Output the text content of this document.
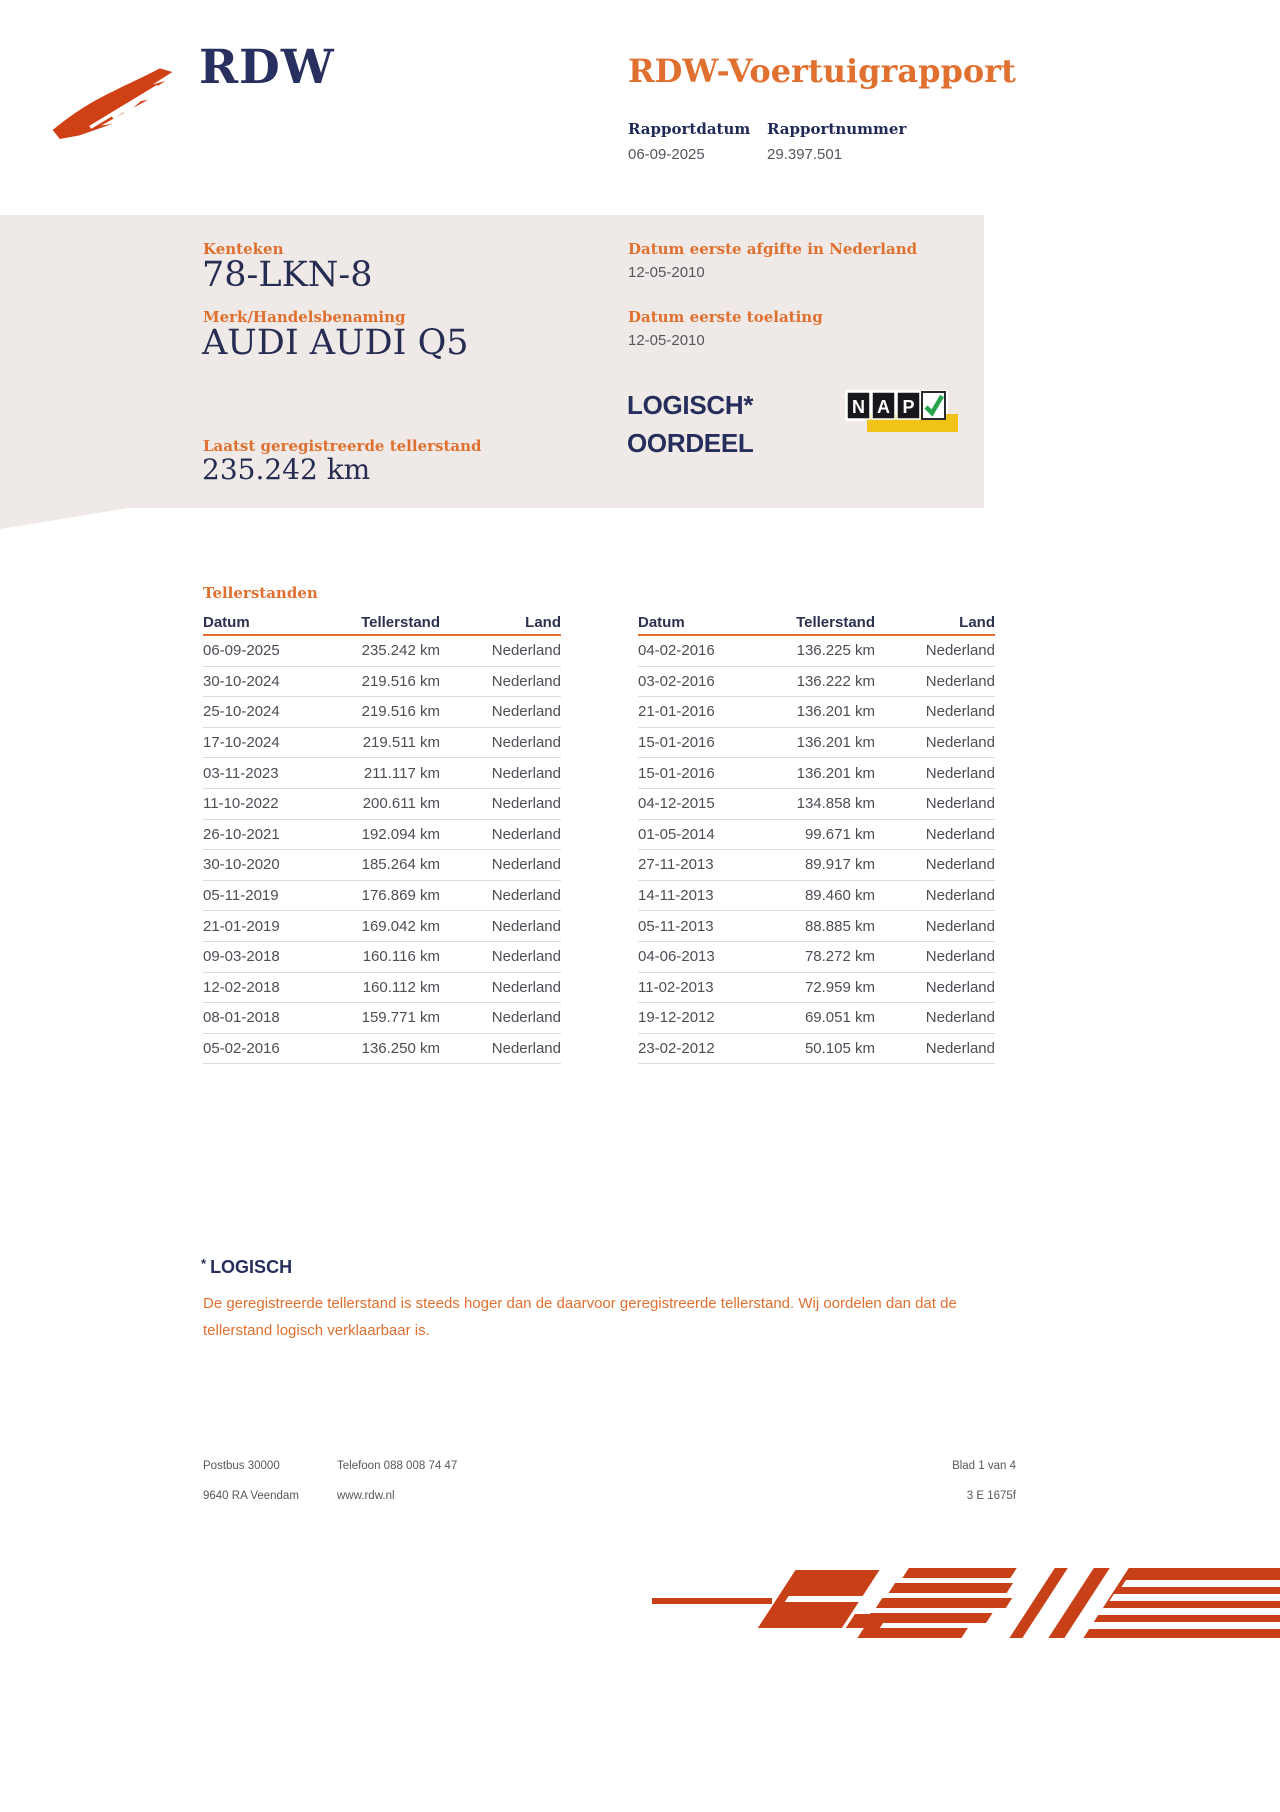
RDW	RDW-Voertuigrapport
Rapportdatum Rapportnummer
06-09-2025	29.397.501
Kenteken
78-LKN-8
Merk/Handelsbenaming
AUDI AUDI Q5
Laatst geregistreerde tellerstand
235.242 km
Datum eerste afgifte in Nederland
12-05-2010
Datum eerste toelating
12-05-2010
LOGISCH*
OORDEEL
N A P
Tellerstanden
Datum	Tellerstand	Land
06-09-2025	235.242 km	Nederland
30-10-2024	219.516 km	Nederland
25-10-2024	219.516 km	Nederland
17-10-2024	219.511 km	Nederland
03-11-2023	211.117 km	Nederland
11-10-2022	200.611 km	Nederland
26-10-2021	192.094 km	Nederland
30-10-2020	185.264 km	Nederland
05-11-2019	176.869 km	Nederland
21-01-2019	169.042 km	Nederland
09-03-2018	160.116 km	Nederland
12-02-2018	160.112 km	Nederland
08-01-2018	159.771 km	Nederland
05-02-2016	136.250 km	Nederland
Datum	Tellerstand	Land
04-02-2016	136.225 km	Nederland
03-02-2016	136.222 km	Nederland
21-01-2016	136.201 km	Nederland
15-01-2016	136.201 km	Nederland
15-01-2016	136.201 km	Nederland
04-12-2015	134.858 km	Nederland
01-05-2014	99.671 km	Nederland
27-11-2013	89.917 km	Nederland
14-11-2013	89.460 km	Nederland
05-11-2013	88.885 km	Nederland
04-06-2013	78.272 km	Nederland
11-02-2013	72.959 km	Nederland
19-12-2012	69.051 km	Nederland
23-02-2012	50.105 km	Nederland
* LOGISCH
De geregistreerde tellerstand is steeds hoger dan de daarvoor geregistreerde tellerstand. Wij oordelen dan dat de tellerstand logisch verklaarbaar is.
Postbus 30000	Telefoon 088 008 74 47	Blad 1 van 4
9640 RA Veendam	www.rdw.nl	3 E 1675f
